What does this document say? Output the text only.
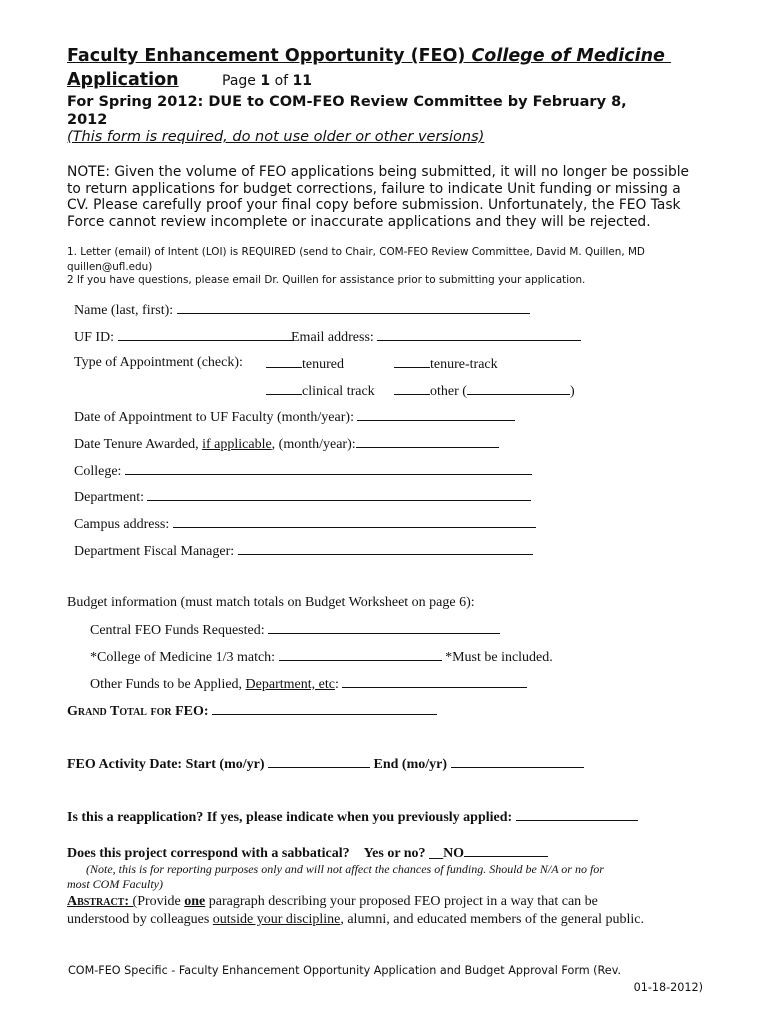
Faculty Enhancement Opportunity (FEO) College of Medicine
Application	Page 1 of 11
For Spring 2012: DUE to COM-FEO Review Committee by February 8,
2012
(This form is required, do not use older or other versions)
NOTE: Given the volume of FEO applications being submitted, it will no longer be possible
to return applications for budget corrections, failure to indicate Unit funding or missing a
CV. Please carefully proof your final copy before submission. Unfortunately, the FEO Task
Force cannot review incomplete or inaccurate applications and they will be rejected.
1. Letter (email) of Intent (LOI) is REQUIRED (send to Chair, COM-FEO Review Committee, David M. Quillen, MD
quillen@ufl.edu)
2 If you have questions, please email Dr. Quillen for assistance prior to submitting your application.
Name (last, first):
UF ID:	Email address:
Type of Appointment (check):	tenured	tenure-track
clinical track	other (	)
Date of Appointment to UF Faculty (month/year):
Date Tenure Awarded, if applicable, (month/year):
College:
Department:
Campus address:
Department Fiscal Manager:
Budget information (must match totals on Budget Worksheet on page 6):
Central FEO Funds Requested:
*College of Medicine 1/3 match:	*Must be included.
Other Funds to be Applied, Department, etc:
Grand Total for FEO:
FEO Activity Date: Start (mo/yr)	End (mo/yr)
Is this a reapplication? If yes, please indicate when you previously applied:
Does this project correspond with a sabbatical? Yes or no? __NO
(Note, this is for reporting purposes only and will not affect the chances of funding. Should be N/A or no for
most COM Faculty)
Abstract: (Provide one paragraph describing your proposed FEO project in a way that can be
understood by colleagues outside your discipline, alumni, and educated members of the general public.
COM-FEO Specific - Faculty Enhancement Opportunity Application and Budget Approval Form (Rev.
01-18-2012)
